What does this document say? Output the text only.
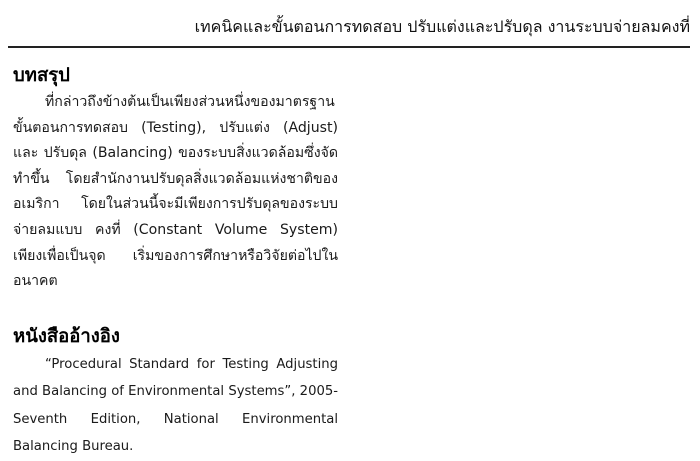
เทคนิคและขั้นตอนการทดสอบ ปรับแต่งและปรับดุล งานระบบจ่ายลมคงที่
บทสรุป

ที่กล่าวถึงข้างต้นเป็นเพียงส่วนหนึ่งของมาตรฐาน ขั้นตอนการทดสอบ (Testing), ปรับแต่ง (Adjust) และ ปรับดุล (Balancing) ของระบบสิ่งแวดล้อมซึ่งจัดทำขึ้น โดยสำนักงานปรับดุลสิ่งแวดล้อมแห่งชาติของอเมริกา โดยในส่วนนี้จะมีเพียงการปรับดุลของระบบจ่ายลมแบบ คงที่ (Constant Volume System) เพียงเพื่อเป็นจุด เริ่มของการศึกษาหรือวิจัยต่อไปในอนาคต

หนังสืออ้างอิง

“Procedural Standard for Testing Adjusting and Balancing of Environmental Systems”, 2005-Seventh Edition, National Environmental Balancing Bureau.
